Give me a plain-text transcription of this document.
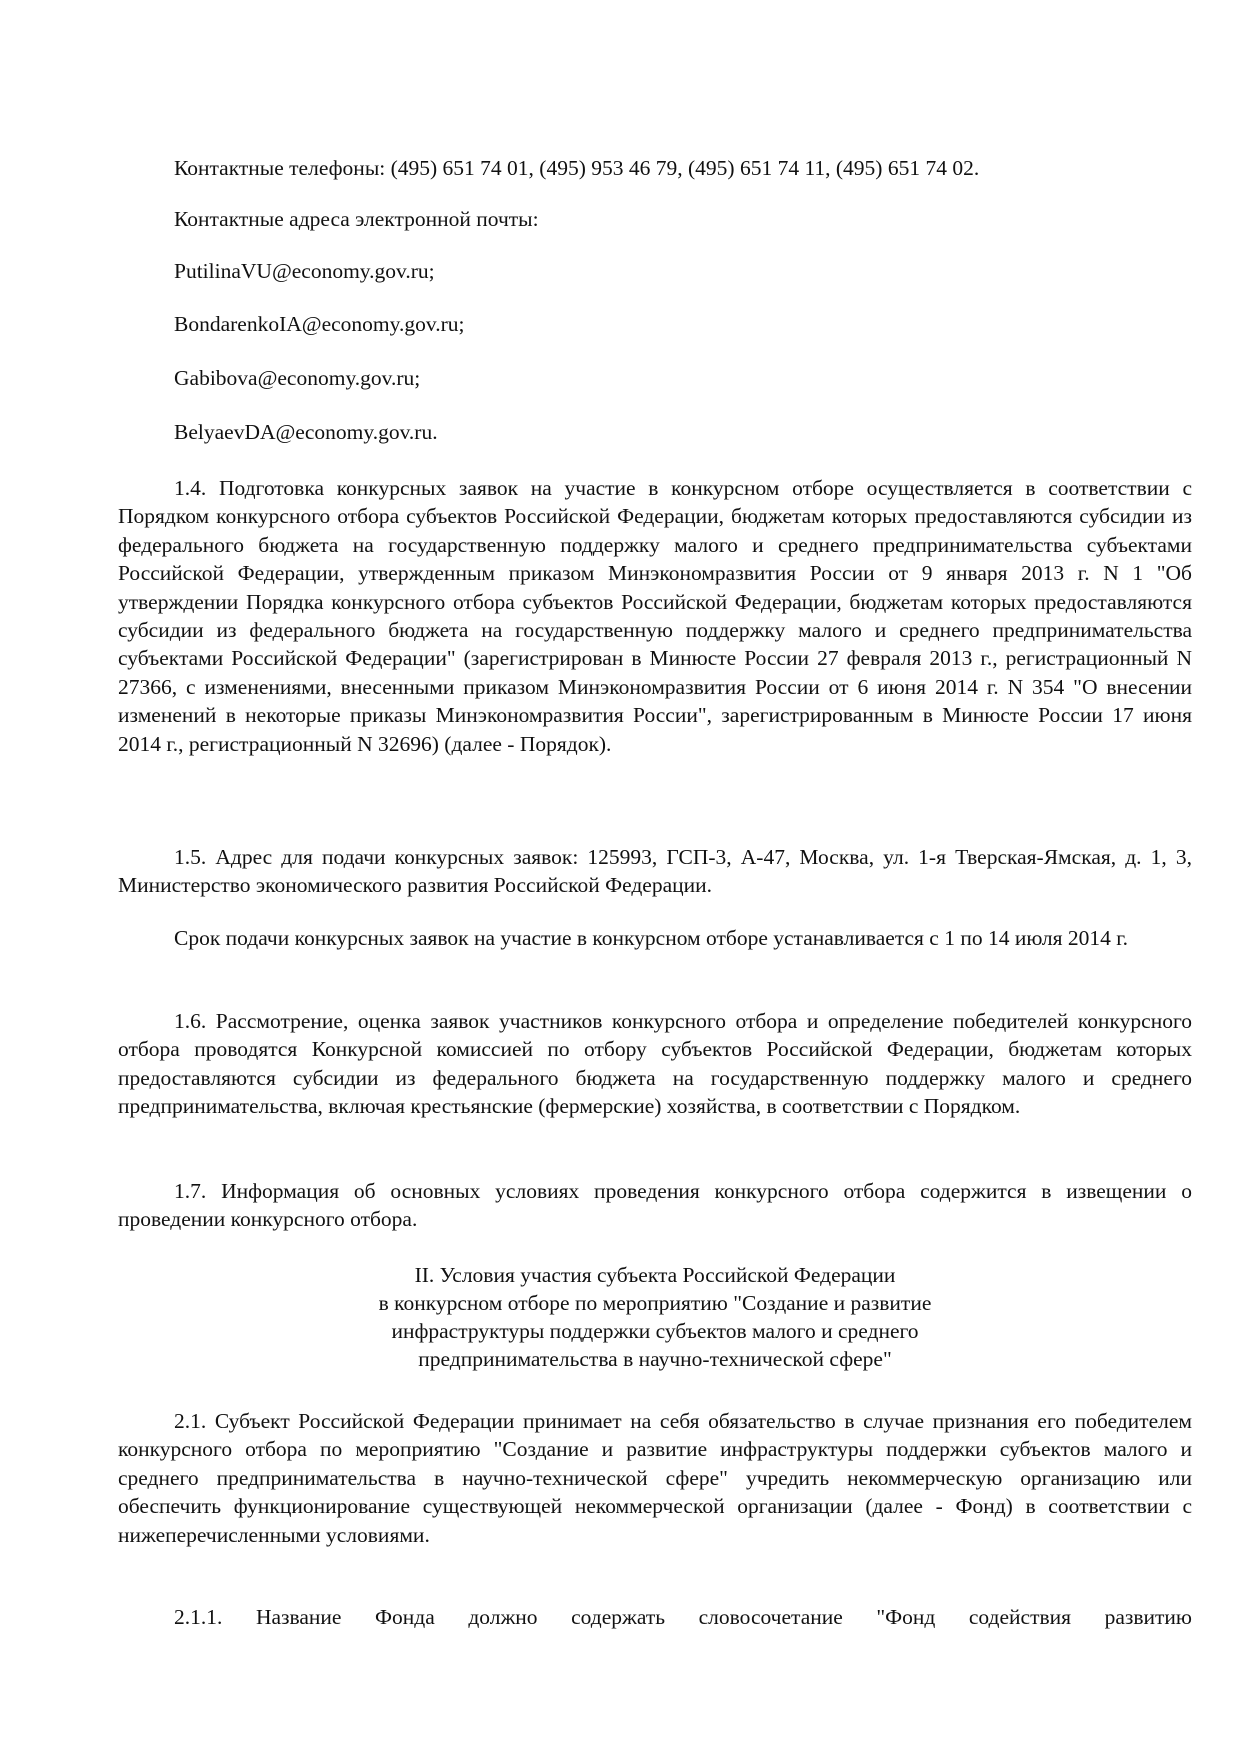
Контактные телефоны: (495) 651 74 01, (495) 953 46 79, (495) 651 74 11, (495) 651 74 02.
Контактные адреса электронной почты:
PutilinaVU@economy.gov.ru;
BondarenkoIA@economy.gov.ru;
Gabibova@economy.gov.ru;
BelyaevDA@economy.gov.ru.
1.4. Подготовка конкурсных заявок на участие в конкурсном отборе осуществляется в соответствии с Порядком конкурсного отбора субъектов Российской Федерации, бюджетам которых предоставляются субсидии из федерального бюджета на государственную поддержку малого и среднего предпринимательства субъектами Российской Федерации, утвержденным приказом Минэкономразвития России от 9 января 2013 г. N 1 "Об утверждении Порядка конкурсного отбора субъектов Российской Федерации, бюджетам которых предоставляются субсидии из федерального бюджета на государственную поддержку малого и среднего предпринимательства субъектами Российской Федерации" (зарегистрирован в Минюсте России 27 февраля 2013 г., регистрационный N 27366, с изменениями, внесенными приказом Минэкономразвития России от 6 июня 2014 г. N 354 "О внесении изменений в некоторые приказы Минэкономразвития России", зарегистрированным в Минюсте России 17 июня 2014 г., регистрационный N 32696) (далее - Порядок).
1.5. Адрес для подачи конкурсных заявок: 125993, ГСП-3, А-47, Москва, ул. 1-я Тверская-Ямская, д. 1, 3, Министерство экономического развития Российской Федерации.
Срок подачи конкурсных заявок на участие в конкурсном отборе устанавливается с 1 по 14 июля 2014 г.
1.6. Рассмотрение, оценка заявок участников конкурсного отбора и определение победителей конкурсного отбора проводятся Конкурсной комиссией по отбору субъектов Российской Федерации, бюджетам которых предоставляются субсидии из федерального бюджета на государственную поддержку малого и среднего предпринимательства, включая крестьянские (фермерские) хозяйства, в соответствии с Порядком.
1.7. Информация об основных условиях проведения конкурсного отбора содержится в извещении о проведении конкурсного отбора.
II. Условия участия субъекта Российской Федерации
в конкурсном отборе по мероприятию "Создание и развитие
инфраструктуры поддержки субъектов малого и среднего
предпринимательства в научно-технической сфере"
2.1. Субъект Российской Федерации принимает на себя обязательство в случае признания его победителем конкурсного отбора по мероприятию "Создание и развитие инфраструктуры поддержки субъектов малого и среднего предпринимательства в научно-технической сфере" учредить некоммерческую организацию или обеспечить функционирование существующей некоммерческой организации (далее - Фонд) в соответствии с нижеперечисленными условиями.
2.1.1. Название Фонда должно содержать словосочетание "Фонд содействия развитию
